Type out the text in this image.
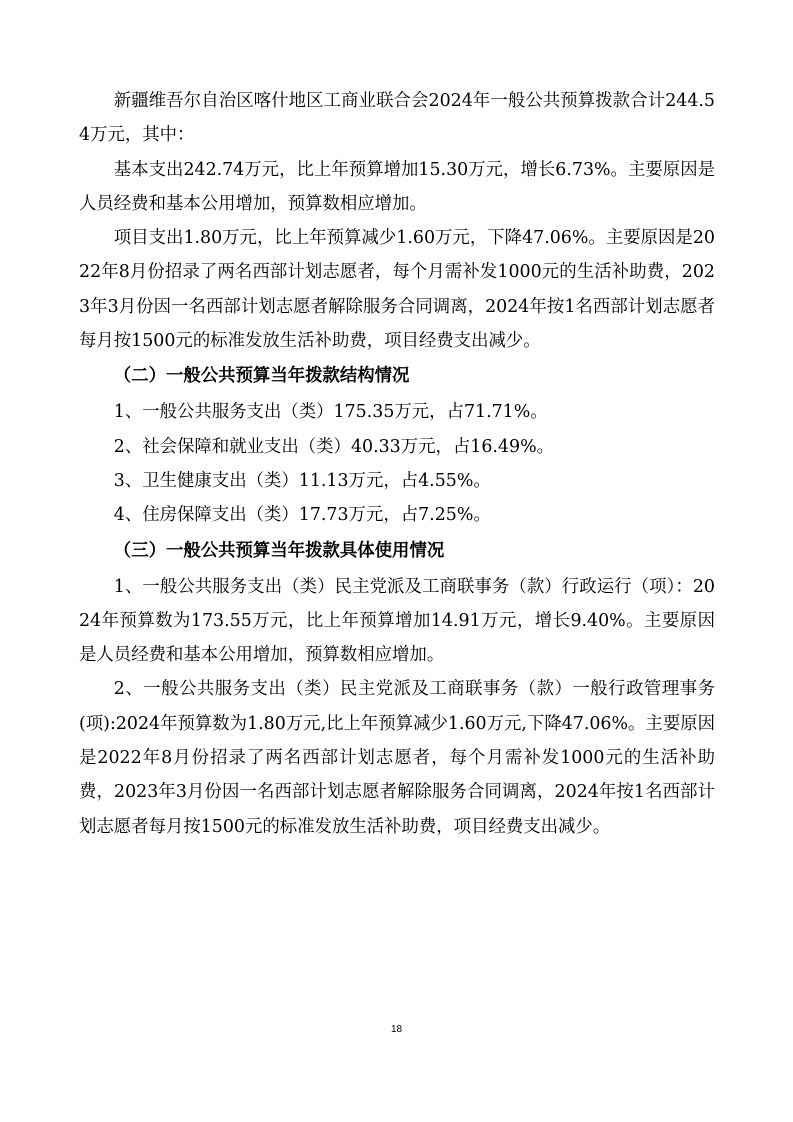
新疆维吾尔自治区喀什地区工商业联合会2024年一般公共预算拨款合计244.54万元，其中：

基本支出242.74万元，比上年预算增加15.30万元，增长6.73%。主要原因是人员经费和基本公用增加，预算数相应增加。

项目支出1.80万元，比上年预算减少1.60万元，下降47.06%。主要原因是2022年8月份招录了两名西部计划志愿者，每个月需补发1000元的生活补助费，2023年3月份因一名西部计划志愿者解除服务合同调离，2024年按1名西部计划志愿者每月按1500元的标准发放生活补助费，项目经费支出减少。

（二）一般公共预算当年拨款结构情况

1、一般公共服务支出（类）175.35万元，占71.71%。

2、社会保障和就业支出（类）40.33万元，占16.49%。

3、卫生健康支出（类）11.13万元，占4.55%。

4、住房保障支出（类）17.73万元，占7.25%。

（三）一般公共预算当年拨款具体使用情况

1、一般公共服务支出（类）民主党派及工商联事务（款）行政运行（项）：2024年预算数为173.55万元，比上年预算增加14.91万元，增长9.40%。主要原因是人员经费和基本公用增加，预算数相应增加。

2、一般公共服务支出（类）民主党派及工商联事务（款）一般行政管理事务(项):2024年预算数为1.80万元,比上年预算减少1.60万元,下降47.06%。主要原因是2022年8月份招录了两名西部计划志愿者，每个月需补发1000元的生活补助费，2023年3月份因一名西部计划志愿者解除服务合同调离，2024年按1名西部计划志愿者每月按1500元的标准发放生活补助费，项目经费支出减少。

18
